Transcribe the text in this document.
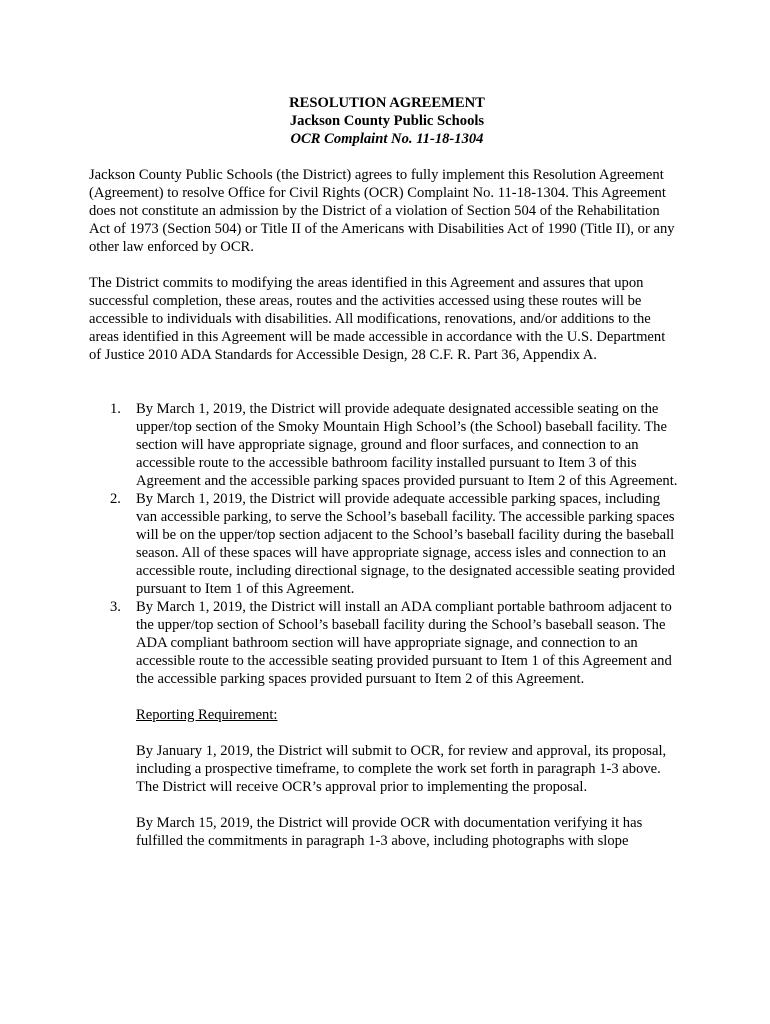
RESOLUTION AGREEMENT
Jackson County Public Schools
OCR Complaint No. 11-18-1304

Jackson County Public Schools (the District) agrees to fully implement this Resolution Agreement (Agreement) to resolve Office for Civil Rights (OCR) Complaint No. 11-18-1304. This Agreement does not constitute an admission by the District of a violation of Section 504 of the Rehabilitation Act of 1973 (Section 504) or Title II of the Americans with Disabilities Act of 1990 (Title II), or any other law enforced by OCR.

The District commits to modifying the areas identified in this Agreement and assures that upon successful completion, these areas, routes and the activities accessed using these routes will be accessible to individuals with disabilities. All modifications, renovations, and/or additions to the areas identified in this Agreement will be made accessible in accordance with the U.S. Department of Justice 2010 ADA Standards for Accessible Design, 28 C.F. R. Part 36, Appendix A.

1. By March 1, 2019, the District will provide adequate designated accessible seating on the upper/top section of the Smoky Mountain High School’s (the School) baseball facility. The section will have appropriate signage, ground and floor surfaces, and connection to an accessible route to the accessible bathroom facility installed pursuant to Item 3 of this Agreement and the accessible parking spaces provided pursuant to Item 2 of this Agreement.
2. By March 1, 2019, the District will provide adequate accessible parking spaces, including van accessible parking, to serve the School’s baseball facility. The accessible parking spaces will be on the upper/top section adjacent to the School’s baseball facility during the baseball season. All of these spaces will have appropriate signage, access isles and connection to an accessible route, including directional signage, to the designated accessible seating provided pursuant to Item 1 of this Agreement.
3. By March 1, 2019, the District will install an ADA compliant portable bathroom adjacent to the upper/top section of School’s baseball facility during the School’s baseball season. The ADA compliant bathroom section will have appropriate signage, and connection to an accessible route to the accessible seating provided pursuant to Item 1 of this Agreement and the accessible parking spaces provided pursuant to Item 2 of this Agreement.

Reporting Requirement:

By January 1, 2019, the District will submit to OCR, for review and approval, its proposal, including a prospective timeframe, to complete the work set forth in paragraph 1-3 above. The District will receive OCR’s approval prior to implementing the proposal.

By March 15, 2019, the District will provide OCR with documentation verifying it has fulfilled the commitments in paragraph 1-3 above, including photographs with slope
